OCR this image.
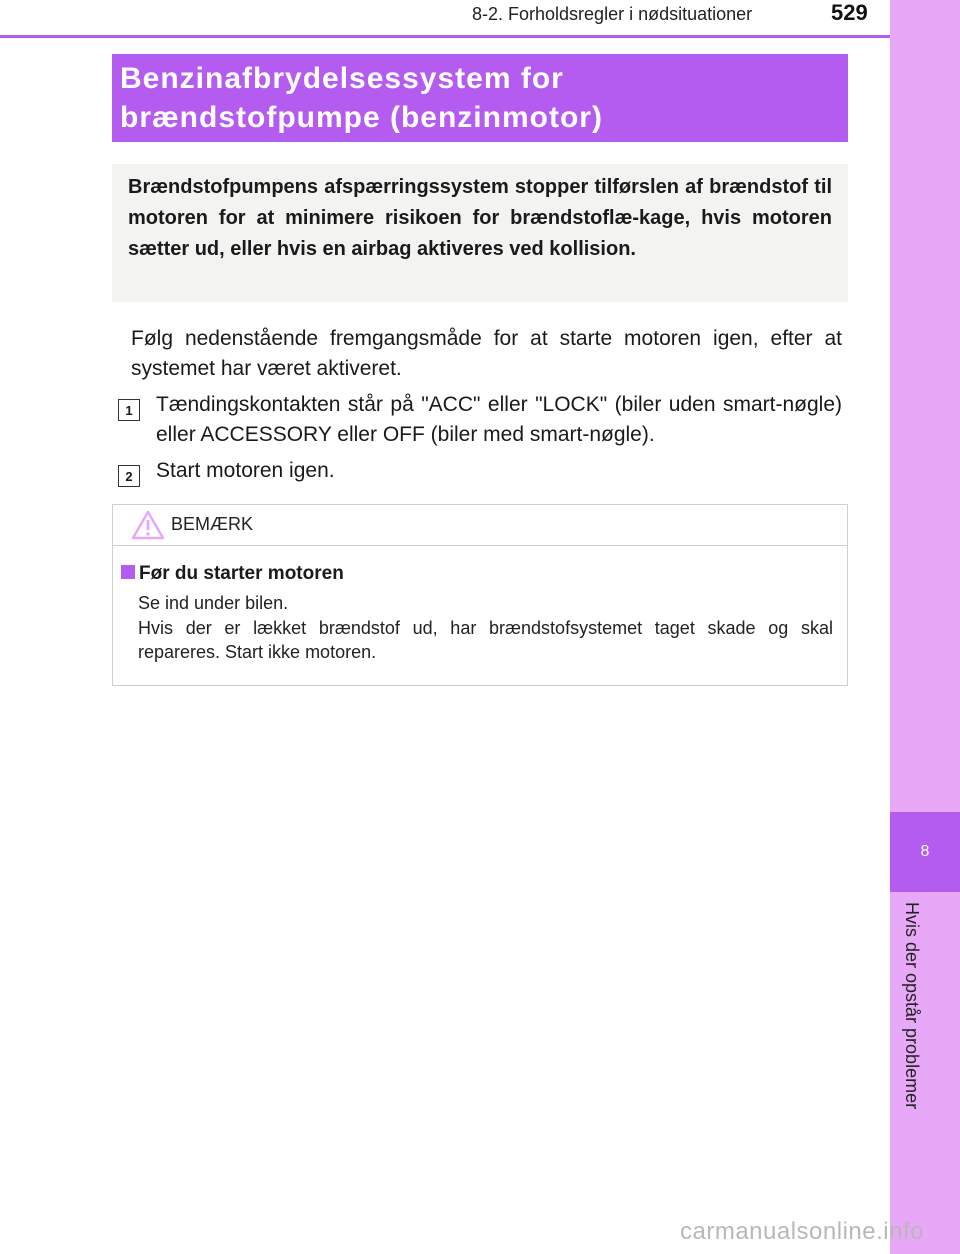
8-2. Forholdsregler i nødsituationer	529
8
Hvis der opstår problemer
Benzinafbrydelsessystem for
brændstofpumpe (benzinmotor)

Brændstofpumpens afspærringssystem stopper tilførslen af brændstof til motoren for at minimere risikoen for brændstoflæ-kage, hvis motoren sætter ud, eller hvis en airbag aktiveres ved kollision.

Følg nedenstående fremgangsmåde for at starte motoren igen, efter at systemet har været aktiveret.

1	Tændingskontakten står på "ACC" eller "LOCK" (biler uden smart-nøgle) eller ACCESSORY eller OFF (biler med smart-nøgle).

2	Start motoren igen.

BEMÆRK
Før du starter motoren

Se ind under bilen.

Hvis der er lækket brændstof ud, har brændstofsystemet taget skade og skal repareres. Start ikke motoren.

carmanualsonline.info
